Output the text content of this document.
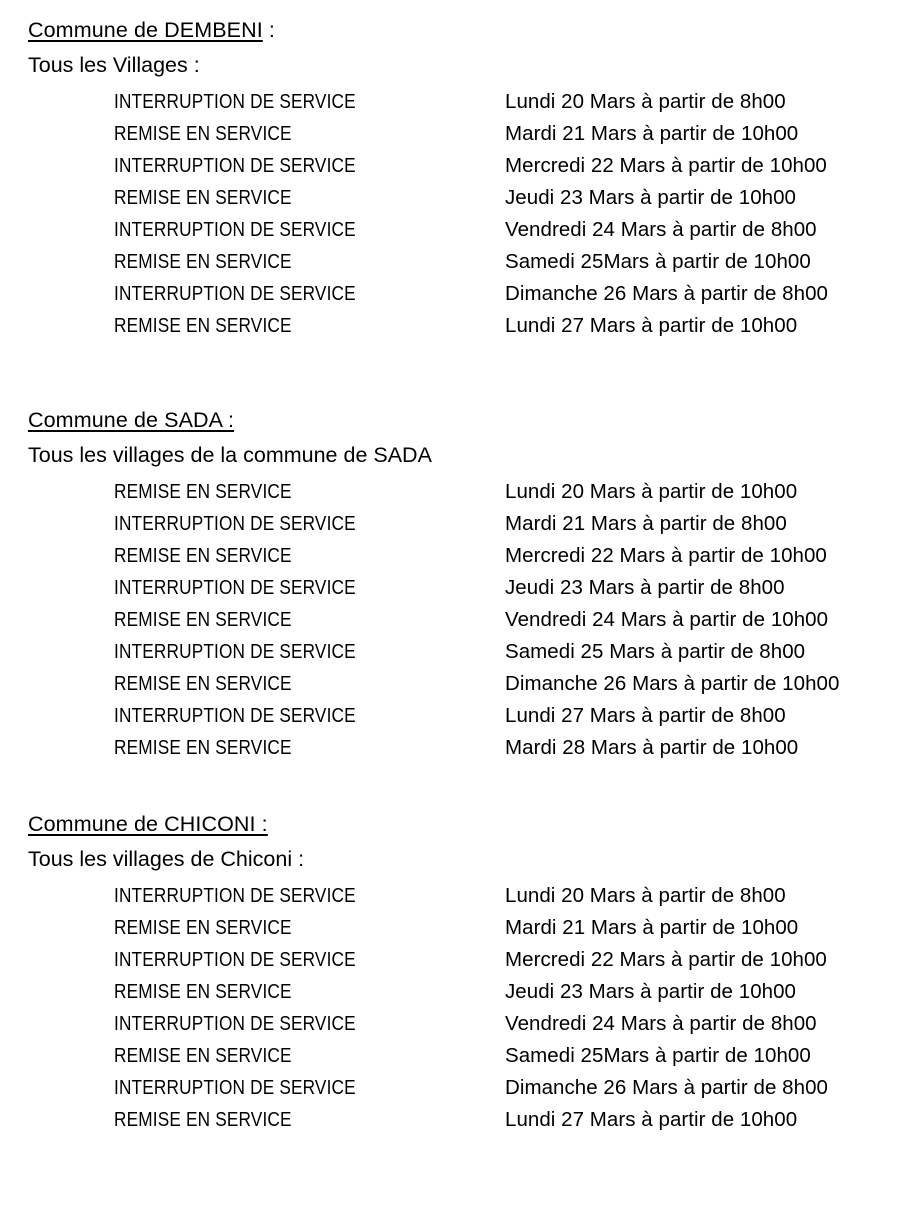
Commune de DEMBENI :

Tous les Villages :

INTERRUPTION DE SERVICE

	Lundi 20 Mars à partir de 8h00

REMISE EN SERVICE

	Mardi 21 Mars à partir de 10h00

INTERRUPTION DE SERVICE

	Mercredi 22 Mars à partir de 10h00

REMISE EN SERVICE

	Jeudi 23 Mars à partir de 10h00

INTERRUPTION DE SERVICE

	Vendredi 24 Mars à partir de 8h00

REMISE EN SERVICE

	Samedi 25Mars à partir de 10h00

INTERRUPTION DE SERVICE

	Dimanche 26 Mars à partir de 8h00

REMISE EN SERVICE

	Lundi 27 Mars à partir de 10h00

Commune de SADA :

Tous les villages de la commune de SADA

REMISE EN SERVICE

	Lundi 20 Mars à partir de 10h00

INTERRUPTION DE SERVICE

	Mardi 21 Mars à partir de 8h00

REMISE EN SERVICE

	Mercredi 22 Mars à partir de 10h00

INTERRUPTION DE SERVICE

	Jeudi 23 Mars à partir de 8h00

REMISE EN SERVICE

	Vendredi 24 Mars à partir de 10h00

INTERRUPTION DE SERVICE

	Samedi 25 Mars à partir de 8h00

REMISE EN SERVICE

	Dimanche 26 Mars à partir de 10h00

INTERRUPTION DE SERVICE

	Lundi 27 Mars à partir de 8h00

REMISE EN SERVICE

	Mardi 28 Mars à partir de 10h00

Commune de CHICONI :

Tous les villages de Chiconi :

INTERRUPTION DE SERVICE

	Lundi 20 Mars à partir de 8h00

REMISE EN SERVICE

	Mardi 21 Mars à partir de 10h00

INTERRUPTION DE SERVICE

	Mercredi 22 Mars à partir de 10h00

REMISE EN SERVICE

	Jeudi 23 Mars à partir de 10h00

INTERRUPTION DE SERVICE

	Vendredi 24 Mars à partir de 8h00

REMISE EN SERVICE

	Samedi 25Mars à partir de 10h00

INTERRUPTION DE SERVICE

	Dimanche 26 Mars à partir de 8h00

REMISE EN SERVICE

	Lundi 27 Mars à partir de 10h00
